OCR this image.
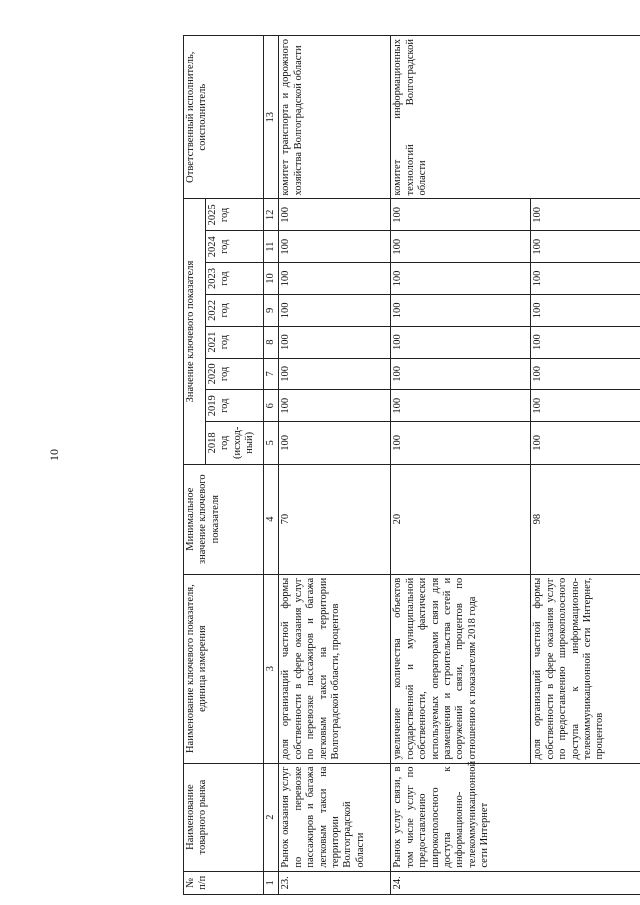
10
№ п/п	Наименование товарного рынка	Наименование ключевого показателя, единица измерения	Минимальное значение ключевого показателя	Значение ключевого показателя								Ответственный исполнитель, соисполнитель
				2018 год (исход-ный)	2019 год	2020 год	2021 год	2022 год	2023 год	2024 год	2025 год	
1	2	3	4	5	6	7	8	9	10	11	12	13
23.	Рынок оказания услуг по перевозке пассажиров и багажа легковым такси на территории Волгоградской области	доля организаций частной формы собственности в сфере оказания услуг по перевозке пассажиров и багажа легковым такси на территории Волгоградской области, процентов	70	100	100	100	100	100	100	100	100	комитет транспорта и дорожного хозяйства Волгоградской области
24.	Рынок услуг связи, в том числе услуг по предоставлению широкополосного доступа к информационно-телекоммуникационной сети Интернет	увеличение количества объектов государственной и муниципальной собственности, фактически используемых операторами связи для размещения и строительства сетей и сооружений связи, процентов по отношению к показателям 2018 года	20	100	100	100	100	100	100	100	100	комитет информационных технологий Волгоградской области
		доля организаций частной формы собственности в сфере оказания услуг по предоставлению широкополосного доступа к информационно-телекоммуникационной сети Интернет, процентов	98	100	100	100	100	100	100	100	100	
